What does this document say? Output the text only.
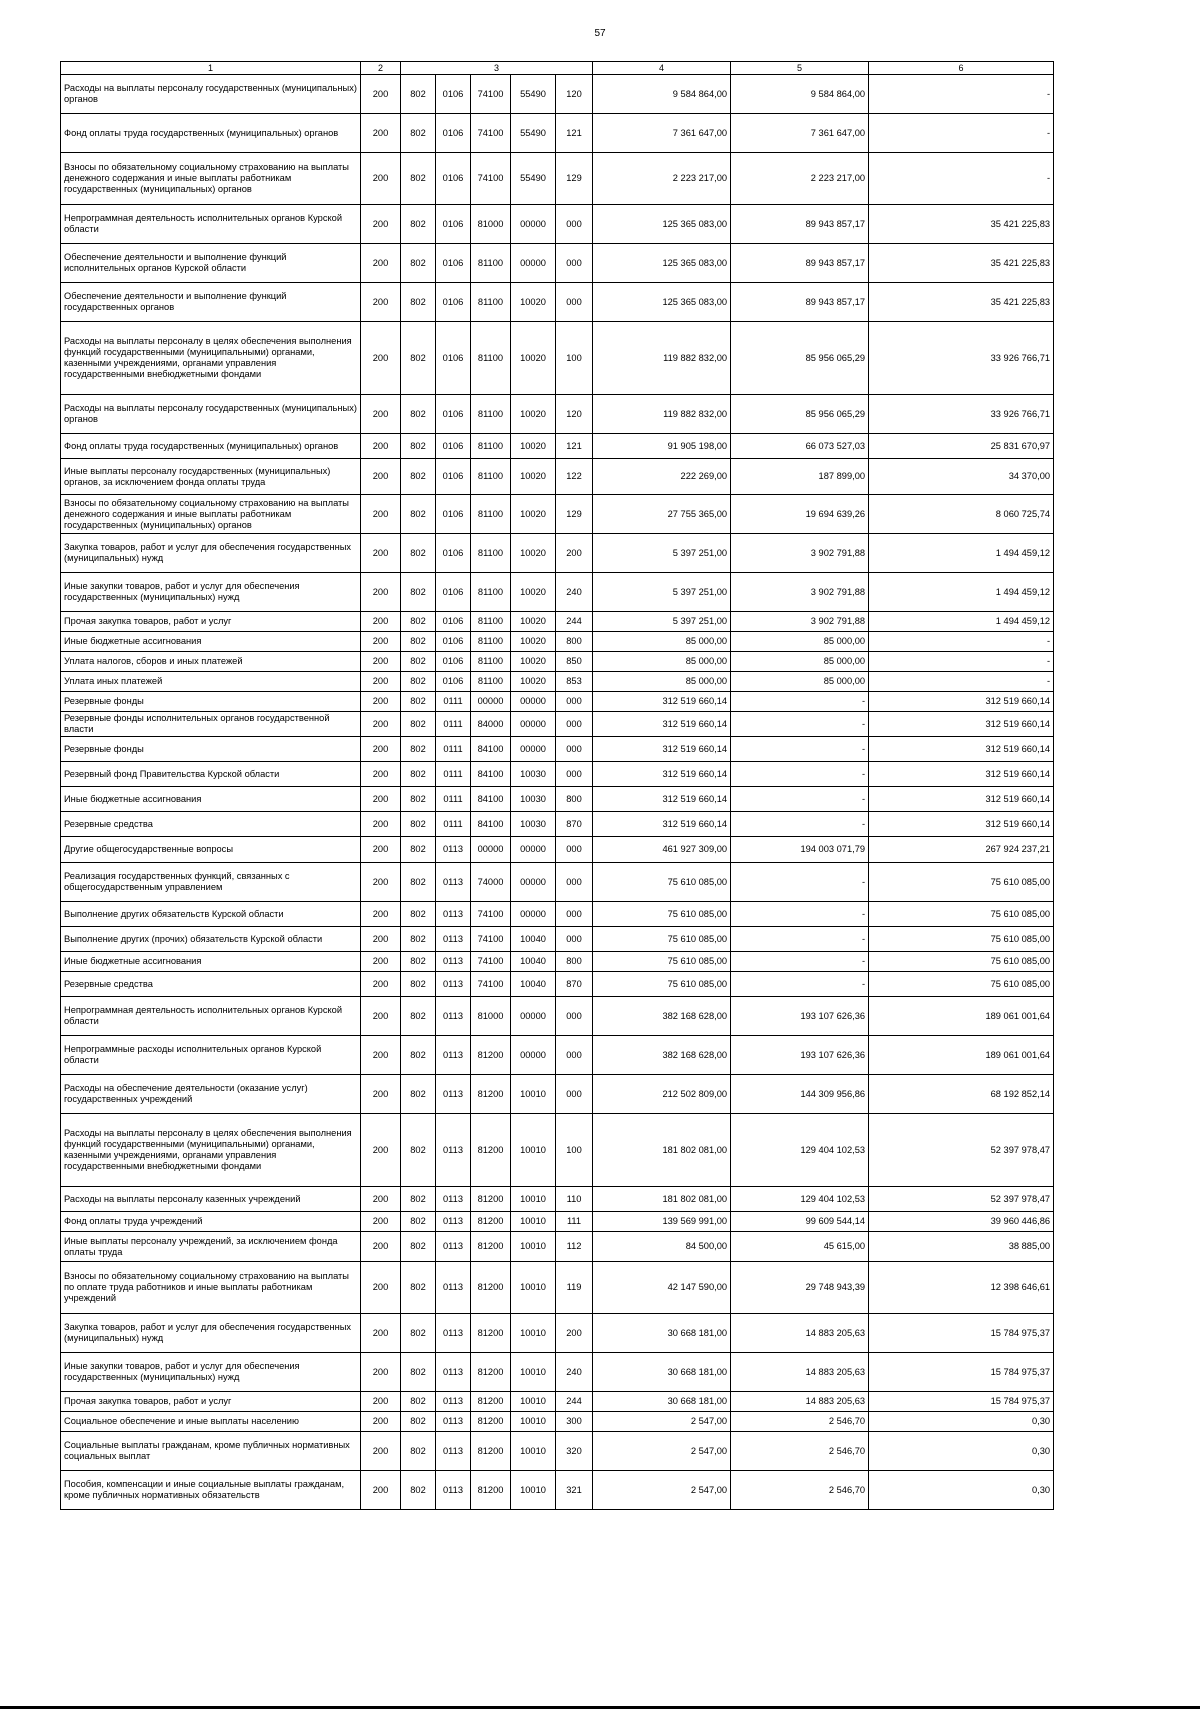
57
1	2	3					4	5	6
Расходы на выплаты персоналу государственных (муниципальных) органов	200	802	0106	74100	55490	120	9 584 864,00	9 584 864,00	-
Фонд оплаты труда государственных (муниципальных) органов	200	802	0106	74100	55490	121	7 361 647,00	7 361 647,00	-
Взносы по обязательному социальному страхованию на выплаты денежного содержания и иные выплаты работникам государственных (муниципальных) органов	200	802	0106	74100	55490	129	2 223 217,00	2 223 217,00	-
Непрограммная деятельность исполнительных органов Курской области	200	802	0106	81000	00000	000	125 365 083,00	89 943 857,17	35 421 225,83
Обеспечение деятельности и выполнение функций исполнительных органов Курской области	200	802	0106	81100	00000	000	125 365 083,00	89 943 857,17	35 421 225,83
Обеспечение деятельности и выполнение функций государственных органов	200	802	0106	81100	10020	000	125 365 083,00	89 943 857,17	35 421 225,83
Расходы на выплаты персоналу в целях обеспечения выполнения функций государственными (муниципальными) органами, казенными учреждениями, органами управления государственными внебюджетными фондами	200	802	0106	81100	10020	100	119 882 832,00	85 956 065,29	33 926 766,71
Расходы на выплаты персоналу государственных (муниципальных) органов	200	802	0106	81100	10020	120	119 882 832,00	85 956 065,29	33 926 766,71
Фонд оплаты труда государственных (муниципальных) органов	200	802	0106	81100	10020	121	91 905 198,00	66 073 527,03	25 831 670,97
Иные выплаты персоналу государственных (муниципальных) органов, за исключением фонда оплаты труда	200	802	0106	81100	10020	122	222 269,00	187 899,00	34 370,00
Взносы по обязательному социальному страхованию на выплаты денежного содержания и иные выплаты работникам государственных (муниципальных) органов	200	802	0106	81100	10020	129	27 755 365,00	19 694 639,26	8 060 725,74
Закупка товаров, работ и услуг для обеспечения государственных (муниципальных) нужд	200	802	0106	81100	10020	200	5 397 251,00	3 902 791,88	1 494 459,12
Иные закупки товаров, работ и услуг для обеспечения государственных (муниципальных) нужд	200	802	0106	81100	10020	240	5 397 251,00	3 902 791,88	1 494 459,12
Прочая закупка товаров, работ и услуг	200	802	0106	81100	10020	244	5 397 251,00	3 902 791,88	1 494 459,12
Иные бюджетные ассигнования	200	802	0106	81100	10020	800	85 000,00	85 000,00	-
Уплата налогов, сборов и иных платежей	200	802	0106	81100	10020	850	85 000,00	85 000,00	-
Уплата иных платежей	200	802	0106	81100	10020	853	85 000,00	85 000,00	-
Резервные фонды	200	802	0111	00000	00000	000	312 519 660,14	-	312 519 660,14
Резервные фонды исполнительных органов государственной власти	200	802	0111	84000	00000	000	312 519 660,14	-	312 519 660,14
Резервные фонды	200	802	0111	84100	00000	000	312 519 660,14	-	312 519 660,14
Резервный фонд Правительства Курской области	200	802	0111	84100	10030	000	312 519 660,14	-	312 519 660,14
Иные бюджетные ассигнования	200	802	0111	84100	10030	800	312 519 660,14	-	312 519 660,14
Резервные средства	200	802	0111	84100	10030	870	312 519 660,14	-	312 519 660,14
Другие общегосударственные вопросы	200	802	0113	00000	00000	000	461 927 309,00	194 003 071,79	267 924 237,21
Реализация государственных функций, связанных с общегосударственным управлением	200	802	0113	74000	00000	000	75 610 085,00	-	75 610 085,00
Выполнение других обязательств Курской области	200	802	0113	74100	00000	000	75 610 085,00	-	75 610 085,00
Выполнение других (прочих) обязательств Курской области	200	802	0113	74100	10040	000	75 610 085,00	-	75 610 085,00
Иные бюджетные ассигнования	200	802	0113	74100	10040	800	75 610 085,00	-	75 610 085,00
Резервные средства	200	802	0113	74100	10040	870	75 610 085,00	-	75 610 085,00
Непрограммная деятельность исполнительных органов Курской области	200	802	0113	81000	00000	000	382 168 628,00	193 107 626,36	189 061 001,64
Непрограммные расходы исполнительных органов Курской области	200	802	0113	81200	00000	000	382 168 628,00	193 107 626,36	189 061 001,64
Расходы на обеспечение деятельности (оказание услуг) государственных учреждений	200	802	0113	81200	10010	000	212 502 809,00	144 309 956,86	68 192 852,14
Расходы на выплаты персоналу в целях обеспечения выполнения функций государственными (муниципальными) органами, казенными учреждениями, органами управления государственными внебюджетными фондами	200	802	0113	81200	10010	100	181 802 081,00	129 404 102,53	52 397 978,47
Расходы на выплаты персоналу казенных учреждений	200	802	0113	81200	10010	110	181 802 081,00	129 404 102,53	52 397 978,47
Фонд оплаты труда учреждений	200	802	0113	81200	10010	111	139 569 991,00	99 609 544,14	39 960 446,86
Иные выплаты персоналу учреждений, за исключением фонда оплаты труда	200	802	0113	81200	10010	112	84 500,00	45 615,00	38 885,00
Взносы по обязательному социальному страхованию на выплаты по оплате труда работников и иные выплаты работникам учреждений	200	802	0113	81200	10010	119	42 147 590,00	29 748 943,39	12 398 646,61
Закупка товаров, работ и услуг для обеспечения государственных (муниципальных) нужд	200	802	0113	81200	10010	200	30 668 181,00	14 883 205,63	15 784 975,37
Иные закупки товаров, работ и услуг для обеспечения государственных (муниципальных) нужд	200	802	0113	81200	10010	240	30 668 181,00	14 883 205,63	15 784 975,37
Прочая закупка товаров, работ и услуг	200	802	0113	81200	10010	244	30 668 181,00	14 883 205,63	15 784 975,37
Социальное обеспечение и иные выплаты населению	200	802	0113	81200	10010	300	2 547,00	2 546,70	0,30
Социальные выплаты гражданам, кроме публичных нормативных социальных выплат	200	802	0113	81200	10010	320	2 547,00	2 546,70	0,30
Пособия, компенсации и иные социальные выплаты гражданам, кроме публичных нормативных обязательств	200	802	0113	81200	10010	321	2 547,00	2 546,70	0,30
